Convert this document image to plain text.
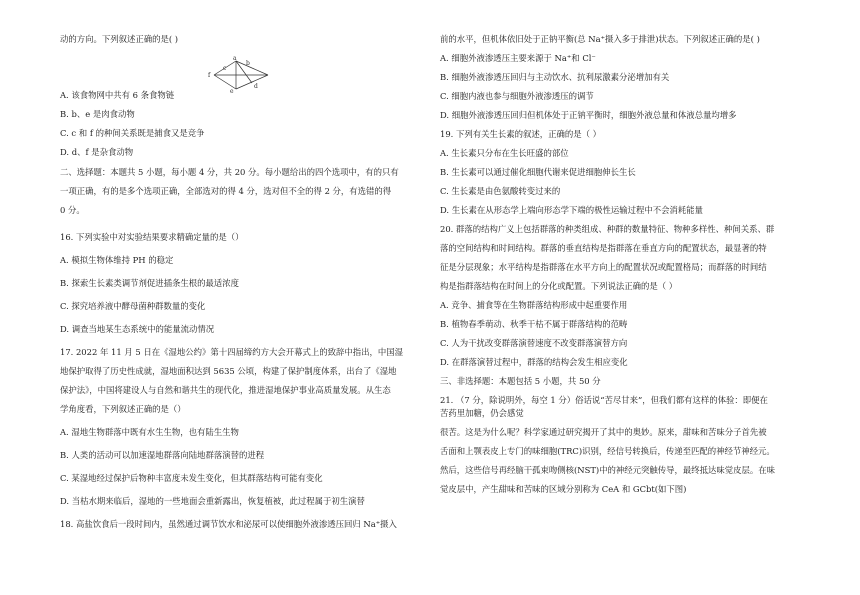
a
b
c
d
e
f

动的方向。下列叙述正确的是( )

A. 该食物网中共有 6 条食物链

B. b、e 是肉食动物

C. c 和 f 的种间关系既是捕食又是竞争

D. d、f 是杂食动物

二、选择题：本题共 5 小题，每小题 4 分，共 20 分。每小题给出的四个选项中，有的只有

一项正确，有的是多个选项正确，全部选对的得 4 分，选对但不全的得 2 分，有选错的得

0 分。

16. 下列实验中对实验结果要求精确定量的是（）

A. 模拟生物体维持 PH 的稳定

B. 探索生长素类调节剂促进插条生根的最适浓度

C. 探究培养液中酵母菌种群数量的变化

D. 调查当地某生态系统中的能量流动情况

17. 2022 年 11 月 5 日在《湿地公约》第十四届缔约方大会开幕式上的致辞中指出，中国湿

地保护取得了历史性成就，湿地面积达到 5635 公顷，构建了保护制度体系，出台了《湿地

保护法》，中国将建设人与自然和谐共生的现代化，推进湿地保护事业高质量发展。从生态

学角度看，下列叙述正确的是（）

A. 湿地生物群落中既有水生生物，也有陆生生物

B. 人类的活动可以加速湿地群落向陆地群落演替的进程

C. 某湿地经过保护后物种丰富度未发生变化，但其群落结构可能有变化

D. 当枯水期来临后，湿地的一些地面会重新露出，恢复植被，此过程属于初生演替

18. 高盐饮食后一段时间内，虽然通过调节饮水和泌尿可以使细胞外液渗透压回归 Na⁺摄入

前的水平，但机体依旧处于正钠平衡(总 Na⁺摄入多于排泄)状态。下列叙述正确的是( )

A. 细胞外液渗透压主要来源于 Na⁺和 Cl⁻

B. 细胞外液渗透压回归与主动饮水、抗利尿激素分泌增加有关

C. 细胞内液也参与细胞外液渗透压的调节

D. 细胞外液渗透压回归但机体处于正钠平衡时，细胞外液总量和体液总量均增多

19. 下列有关生长素的叙述，正确的是（ ）

A. 生长素只分布在生长旺盛的部位

B. 生长素可以通过催化细胞代谢来促进细胞伸长生长

C. 生长素是由色氨酸转变过来的

D. 生长素在从形态学上端向形态学下端的极性运输过程中不会消耗能量

20. 群落的结构广义上包括群落的种类组成、种群的数量特征、物种多样性、种间关系、群

落的空间结构和时间结构。群落的垂直结构是指群落在垂直方向的配置状态，最显著的特

征是分层现象；水平结构是指群落在水平方向上的配置状况或配置格局；而群落的时间结

构是指群落结构在时间上的分化或配置。下列说法正确的是（ ）

A. 竞争、捕食等在生物群落结构形成中起重要作用

B. 植物春季萌动、秋季干枯不属于群落结构的范畴

C. 人为干扰改变群落演替速度不改变群落演替方向

D. 在群落演替过程中，群落的结构会发生相应变化

三、非选择题：本题包括 5 小题，共 50 分

21. （7 分，除说明外，每空 1 分）俗话说“苦尽甘来”，但我们都有这样的体验：即便在

苦药里加糖，仍会感觉

很苦。这是为什么呢？科学家通过研究揭开了其中的奥妙。原来，甜味和苦味分子首先被

舌面和上颚表皮上专门的味细胞(TRC)识别，经信号转换后，传递至匹配的神经节神经元。

然后，这些信号再经脑干孤束吻侧核(NST)中的神经元突触传导，最终抵达味觉皮层。在味

觉皮层中，产生甜味和苦味的区域分别称为 CeA 和 GCbt(如下图)
